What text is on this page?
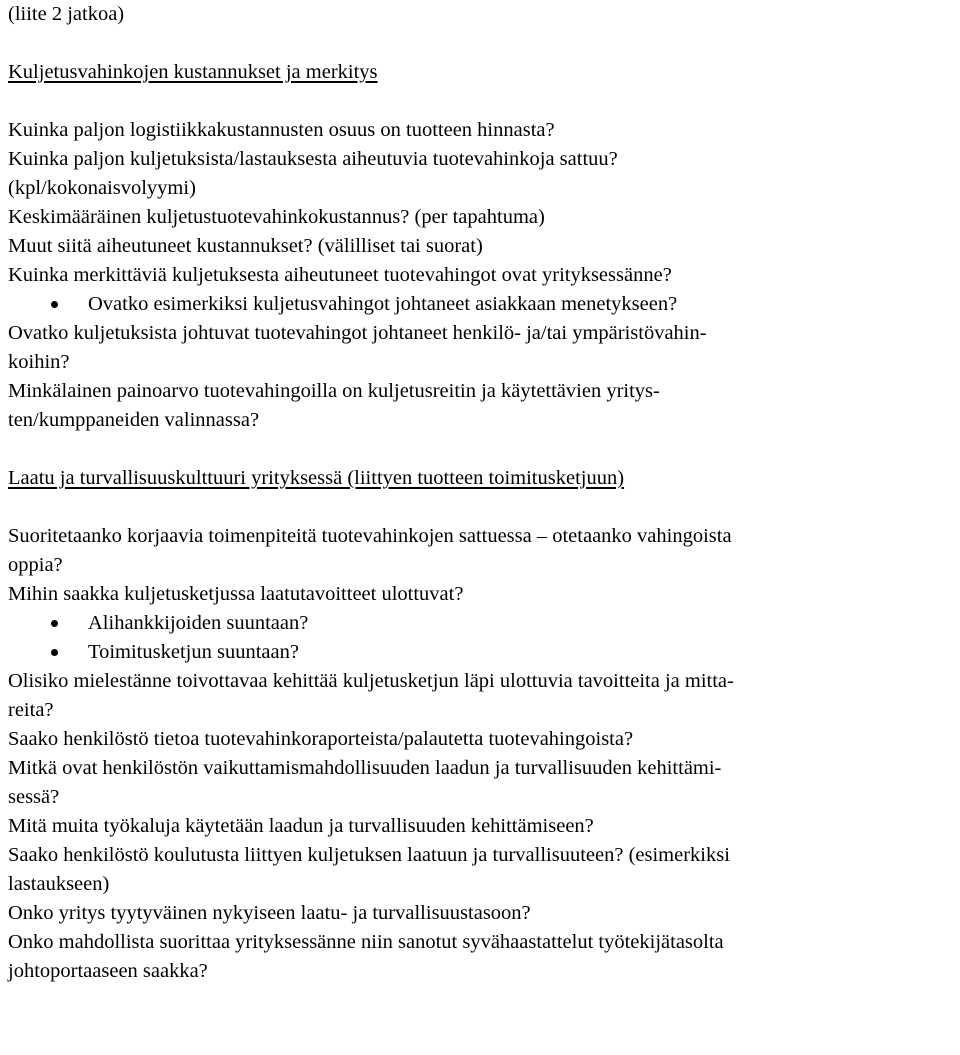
(liite 2 jatkoa)

Kuljetusvahinkojen kustannukset ja merkitys

Kuinka paljon logistiikkakustannusten osuus on tuotteen hinnasta?

Kuinka paljon kuljetuksista/lastauksesta aiheutuvia tuotevahinkoja sattuu?

(kpl/kokonaisvolyymi)

Keskimääräinen kuljetustuotevahinkokustannus? (per tapahtuma)

Muut siitä aiheutuneet kustannukset? (välilliset tai suorat)

Kuinka merkittäviä kuljetuksesta aiheutuneet tuotevahingot ovat yrityksessänne?

Ovatko esimerkiksi kuljetusvahingot johtaneet asiakkaan menetykseen?

Ovatko kuljetuksista johtuvat tuotevahingot johtaneet henkilö- ja/tai ympäristövahin-

koihin?

Minkälainen painoarvo tuotevahingoilla on kuljetusreitin ja käytettävien yritys-

ten/kumppaneiden valinnassa?

Laatu ja turvallisuuskulttuuri yrityksessä (liittyen tuotteen toimitusketjuun)

Suoritetaanko korjaavia toimenpiteitä tuotevahinkojen sattuessa – otetaanko vahingoista

oppia?

Mihin saakka kuljetusketjussa laatutavoitteet ulottuvat?

Alihankkijoiden suuntaan?
Toimitusketjun suuntaan?

Olisiko mielestänne toivottavaa kehittää kuljetusketjun läpi ulottuvia tavoitteita ja mitta-

reita?

Saako henkilöstö tietoa tuotevahinkoraporteista/palautetta tuotevahingoista?

Mitkä ovat henkilöstön vaikuttamismahdollisuuden laadun ja turvallisuuden kehittämi-

sessä?

Mitä muita työkaluja käytetään laadun ja turvallisuuden kehittämiseen?

Saako henkilöstö koulutusta liittyen kuljetuksen laatuun ja turvallisuuteen? (esimerkiksi

lastaukseen)

Onko yritys tyytyväinen nykyiseen laatu- ja turvallisuustasoon?

Onko mahdollista suorittaa yrityksessänne niin sanotut syvähaastattelut työtekijätasolta

johtoportaaseen saakka?
